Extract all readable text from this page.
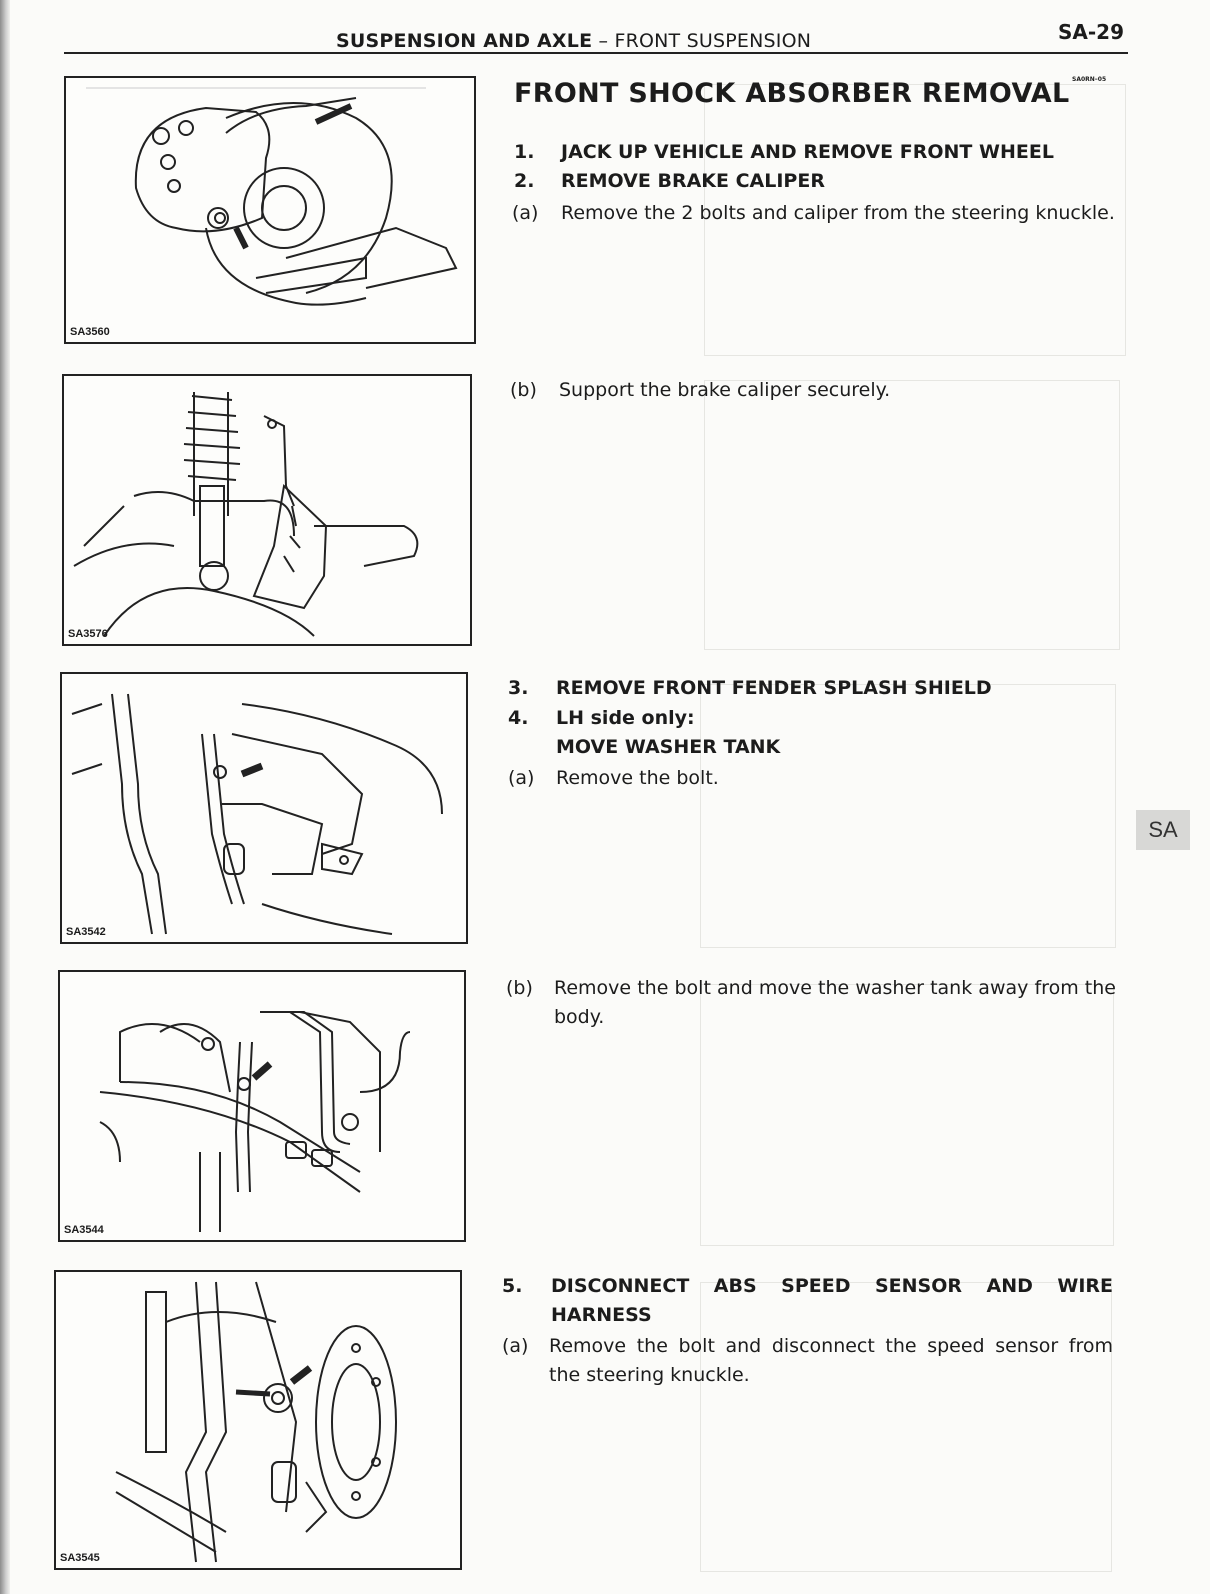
SUSPENSION AND AXLE – FRONT SUSPENSION	SA-29
SA3560
SA3576
SA3542
SA3544
SA3545
FRONT SHOCK ABSORBER REMOVAL SA0RN–05
1. JACK UP VEHICLE AND REMOVE FRONT WHEEL
2. REMOVE BRAKE CALIPER
(a) Remove the 2 bolts and caliper from the steering knuckle.
(b) Support the brake caliper securely.
3. REMOVE FRONT FENDER SPLASH SHIELD
4. LH side only:
MOVE WASHER TANK
(a) Remove the bolt.
(b) Remove the bolt and move the washer tank away from the body.
5. DISCONNECT ABS SPEED SENSOR AND WIRE HARNESS
(a) Remove the bolt and disconnect the speed sensor from the steering knuckle.
SA
